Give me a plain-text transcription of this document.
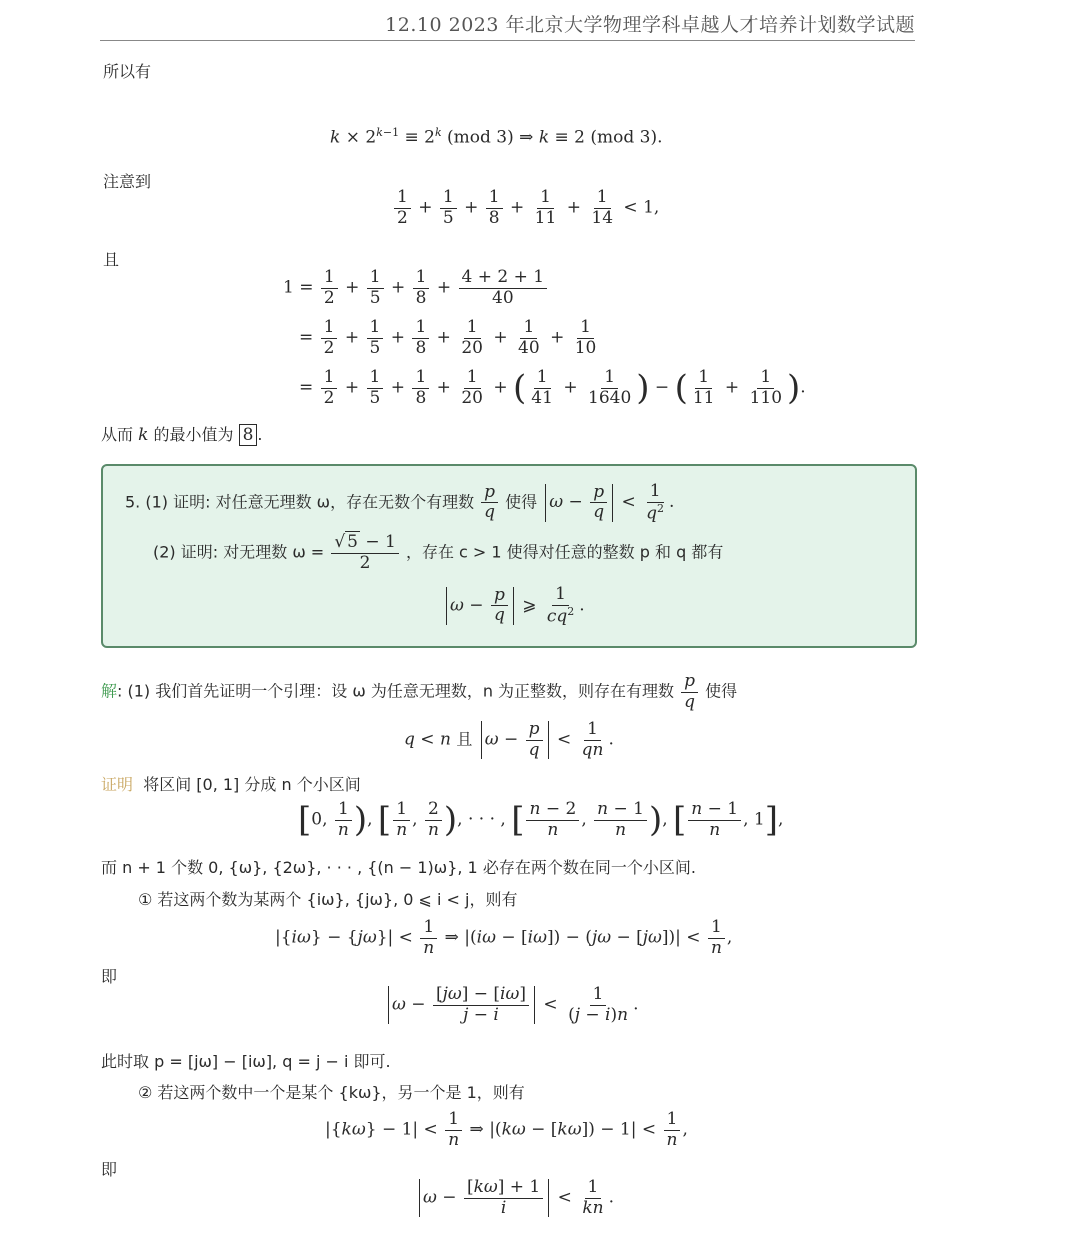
12.10 2023 年北京大学物理学科卓越人才培养计划数学试题
所以有
$k \times 2^{k-1} \equiv 2^k$ (mod 3) ⇒ k ≡ 2 (mod 3).
注意到
$\frac{1}{2} + \frac{1}{5} + \frac{1}{8} + \frac{1}{11} + \frac{1}{14} < 1$,
且
$1 = \frac{1}{2} + \frac{1}{5} + \frac{1}{8} + \frac{4 + 2 + 1}{40}$
= $\frac{1}{2} + \frac{1}{5} + \frac{1}{8} + \frac{1}{20} + \frac{1}{40} + \frac{1}{10}$
= $\frac{1}{2} + \frac{1}{5} + \frac{1}{8} + \frac{1}{20}$ + ( $\frac{1}{41} + \frac{1}{1640}$ ) − ( $\frac{1}{11} + \frac{1}{110}$ ).
从而 k 的最小值为 8 .
5. (1) 证明: 对任意无理数 ω，存在无数个有理数 $\frac{p}{q}$ 使得 $\omega - \frac{p}{q} < \frac{1}{q^2}$ .
(2) 证明: 对无理数 $\omega = \frac{√ 5 - 1}{2}$ ，存在 c > 1 使得对任意的整数 p 和 q 都有
$\omega - \frac{p}{q}$ ⩾ $\frac{1}{cq^2}$ .
解: (1) 我们首先证明一个引理：设 ω 为任意无理数，n 为正整数，则存在有理数 $\frac{p}{q}$ 使得
q < n 且 $\omega - \frac{p}{q} < \frac{1}{qn}$ .
证明 将区间 [0, 1] 分成 n 个小区间
[0, $\frac{1}{n}$ ), [ $\frac{1}{n}$ , $\frac{2}{n}$ ), · · · , [ $\frac{n - 2}{n}$ , $\frac{n - 1}{n}$ ), [ $\frac{n - 1}{n}$ , 1],
而 n + 1 个数 0, {ω}, {2ω}, · · · , {(n − 1)ω}, 1 必存在两个数在同一个小区间.
① 若这两个数为某两个 {iω}, {jω}, 0 ⩽ i < j，则有
$|\{i\omega\} - \{j\omega\}| < \frac{1}{n}$ ⇒ $|(i\omega - [i\omega]) - (j\omega - [j\omega])| < \frac{1}{n}$ ,
即
$\omega - \frac{[j\omega] - [i\omega]}{j - i} < \frac{1}{(j - i)n}$ .
此时取 p = [jω] − [iω], q = j − i 即可.
② 若这两个数中一个是某个 {kω}，另一个是 1，则有
$|\{k\omega\} - 1| < \frac{1}{n}$ ⇒ $|(k\omega - [k\omega]) - 1| < \frac{1}{n}$ ,
即
$\omega - \frac{[k\omega] + 1}{i} < \frac{1}{kn}$ .
